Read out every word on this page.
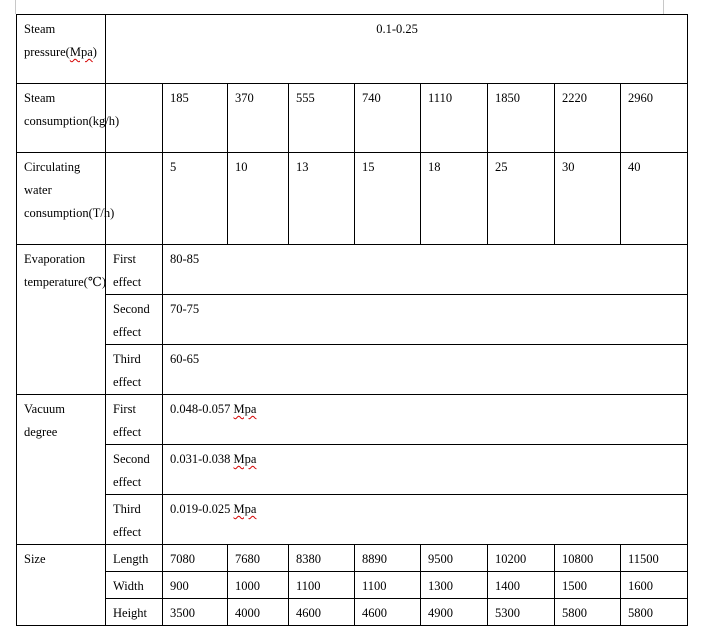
Steam pressure(Mpa)	0.1-0.25								
Steam consumption(kg/h)		185	370	555	740	1110	1850	2220	2960
Circulating water consumption(T/h)		5	10	13	15	18	25	30	40
Evaporation temperature(℃)	First effect	80-85							
	Second effect	70-75							
	Third effect	60-65							
Vacuum degree	First effect	0.048-0.057 Mpa							
	Second effect	0.031-0.038 Mpa							
	Third effect	0.019-0.025 Mpa							
Size	Length	7080	7680	8380	8890	9500	10200	10800	11500
	Width	900	1000	1100	1100	1300	1400	1500	1600
	Height	3500	4000	4600	4600	4900	5300	5800	5800
